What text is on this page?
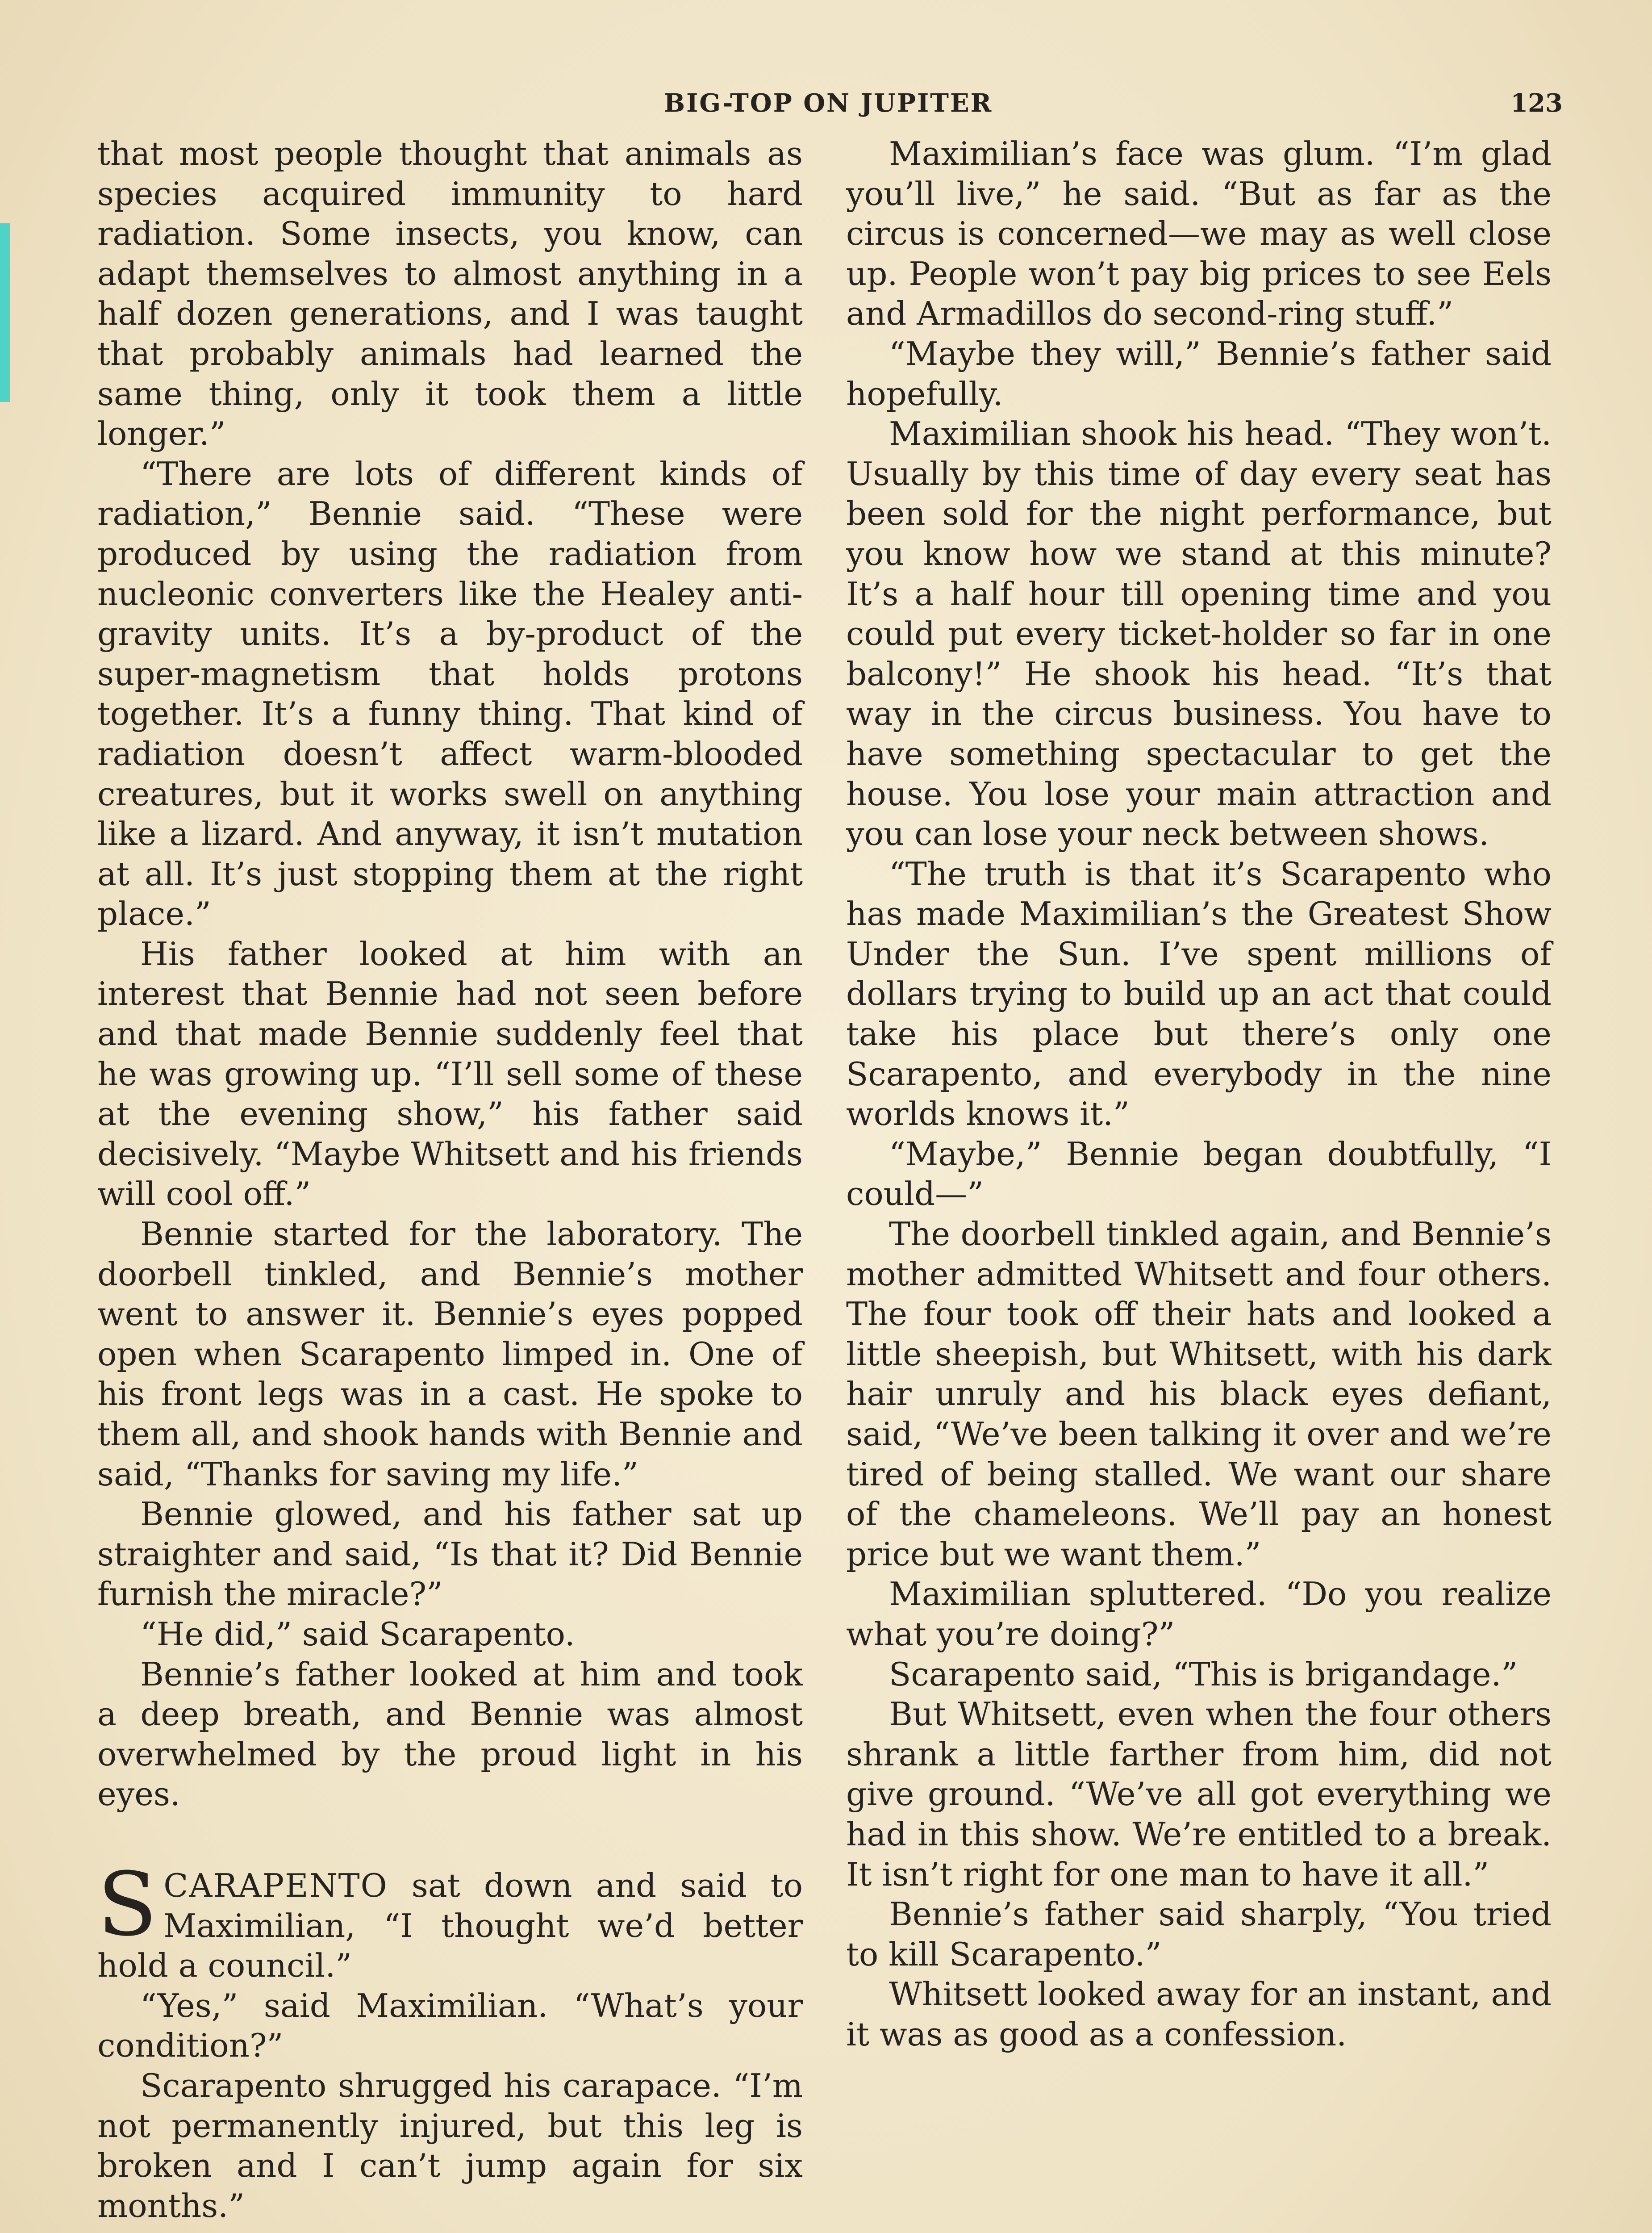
BIG-TOP ON JUPITER	123

that most people thought that animals as species acquired immunity to hard radiation. Some insects, you know, can adapt themselves to almost anything in a half dozen generations, and I was taught that probably animals had learned the same thing, only it took them a little longer.”

“There are lots of different kinds of radiation,” Bennie said. “These were produced by using the radiation from nucleonic converters like the Healey anti-gravity units. It’s a by-product of the super-magnetism that holds protons together. It’s a funny thing. That kind of radiation doesn’t affect warm-blooded creatures, but it works swell on anything like a lizard. And anyway, it isn’t mutation at all. It’s just stopping them at the right place.”

His father looked at him with an interest that Bennie had not seen before and that made Bennie suddenly feel that he was growing up. “I’ll sell some of these at the evening show,” his father said decisively. “Maybe Whitsett and his friends will cool off.”

Bennie started for the laboratory. The doorbell tinkled, and Bennie’s mother went to answer it. Bennie’s eyes popped open when Scarapento limped in. One of his front legs was in a cast. He spoke to them all, and shook hands with Bennie and said, “Thanks for saving my life.”

Bennie glowed, and his father sat up straighter and said, “Is that it? Did Bennie furnish the miracle?”

“He did,” said Scarapento.

Bennie’s father looked at him and took a deep breath, and Bennie was almost overwhelmed by the proud light in his eyes.

SCARAPENTO sat down and said to Maximilian, “I thought we’d better hold a council.”

“Yes,” said Maximilian. “What’s your condition?”

Scarapento shrugged his carapace. “I’m not permanently injured, but this leg is broken and I can’t jump again for six months.”

Maximilian’s face was glum. “I’m glad you’ll live,” he said. “But as far as the circus is concerned—we may as well close up. People won’t pay big prices to see Eels and Armadillos do second-ring stuff.”

“Maybe they will,” Bennie’s father said hopefully.

Maximilian shook his head. “They won’t. Usually by this time of day every seat has been sold for the night performance, but you know how we stand at this minute? It’s a half hour till opening time and you could put every ticket-holder so far in one balcony!” He shook his head. “It’s that way in the circus business. You have to have something spectacular to get the house. You lose your main attraction and you can lose your neck between shows.

“The truth is that it’s Scarapento who has made Maximilian’s the Greatest Show Under the Sun. I’ve spent millions of dollars trying to build up an act that could take his place but there’s only one Scarapento, and everybody in the nine worlds knows it.”

“Maybe,” Bennie began doubtfully, “I could—”

The doorbell tinkled again, and Bennie’s mother admitted Whitsett and four others. The four took off their hats and looked a little sheepish, but Whitsett, with his dark hair unruly and his black eyes defiant, said, “We’ve been talking it over and we’re tired of being stalled. We want our share of the chameleons. We’ll pay an honest price but we want them.”

Maximilian spluttered. “Do you realize what you’re doing?”

Scarapento said, “This is brigandage.”

But Whitsett, even when the four others shrank a little farther from him, did not give ground. “We’ve all got everything we had in this show. We’re entitled to a break. It isn’t right for one man to have it all.”

Bennie’s father said sharply, “You tried to kill Scarapento.”

Whitsett looked away for an instant, and it was as good as a confession.
